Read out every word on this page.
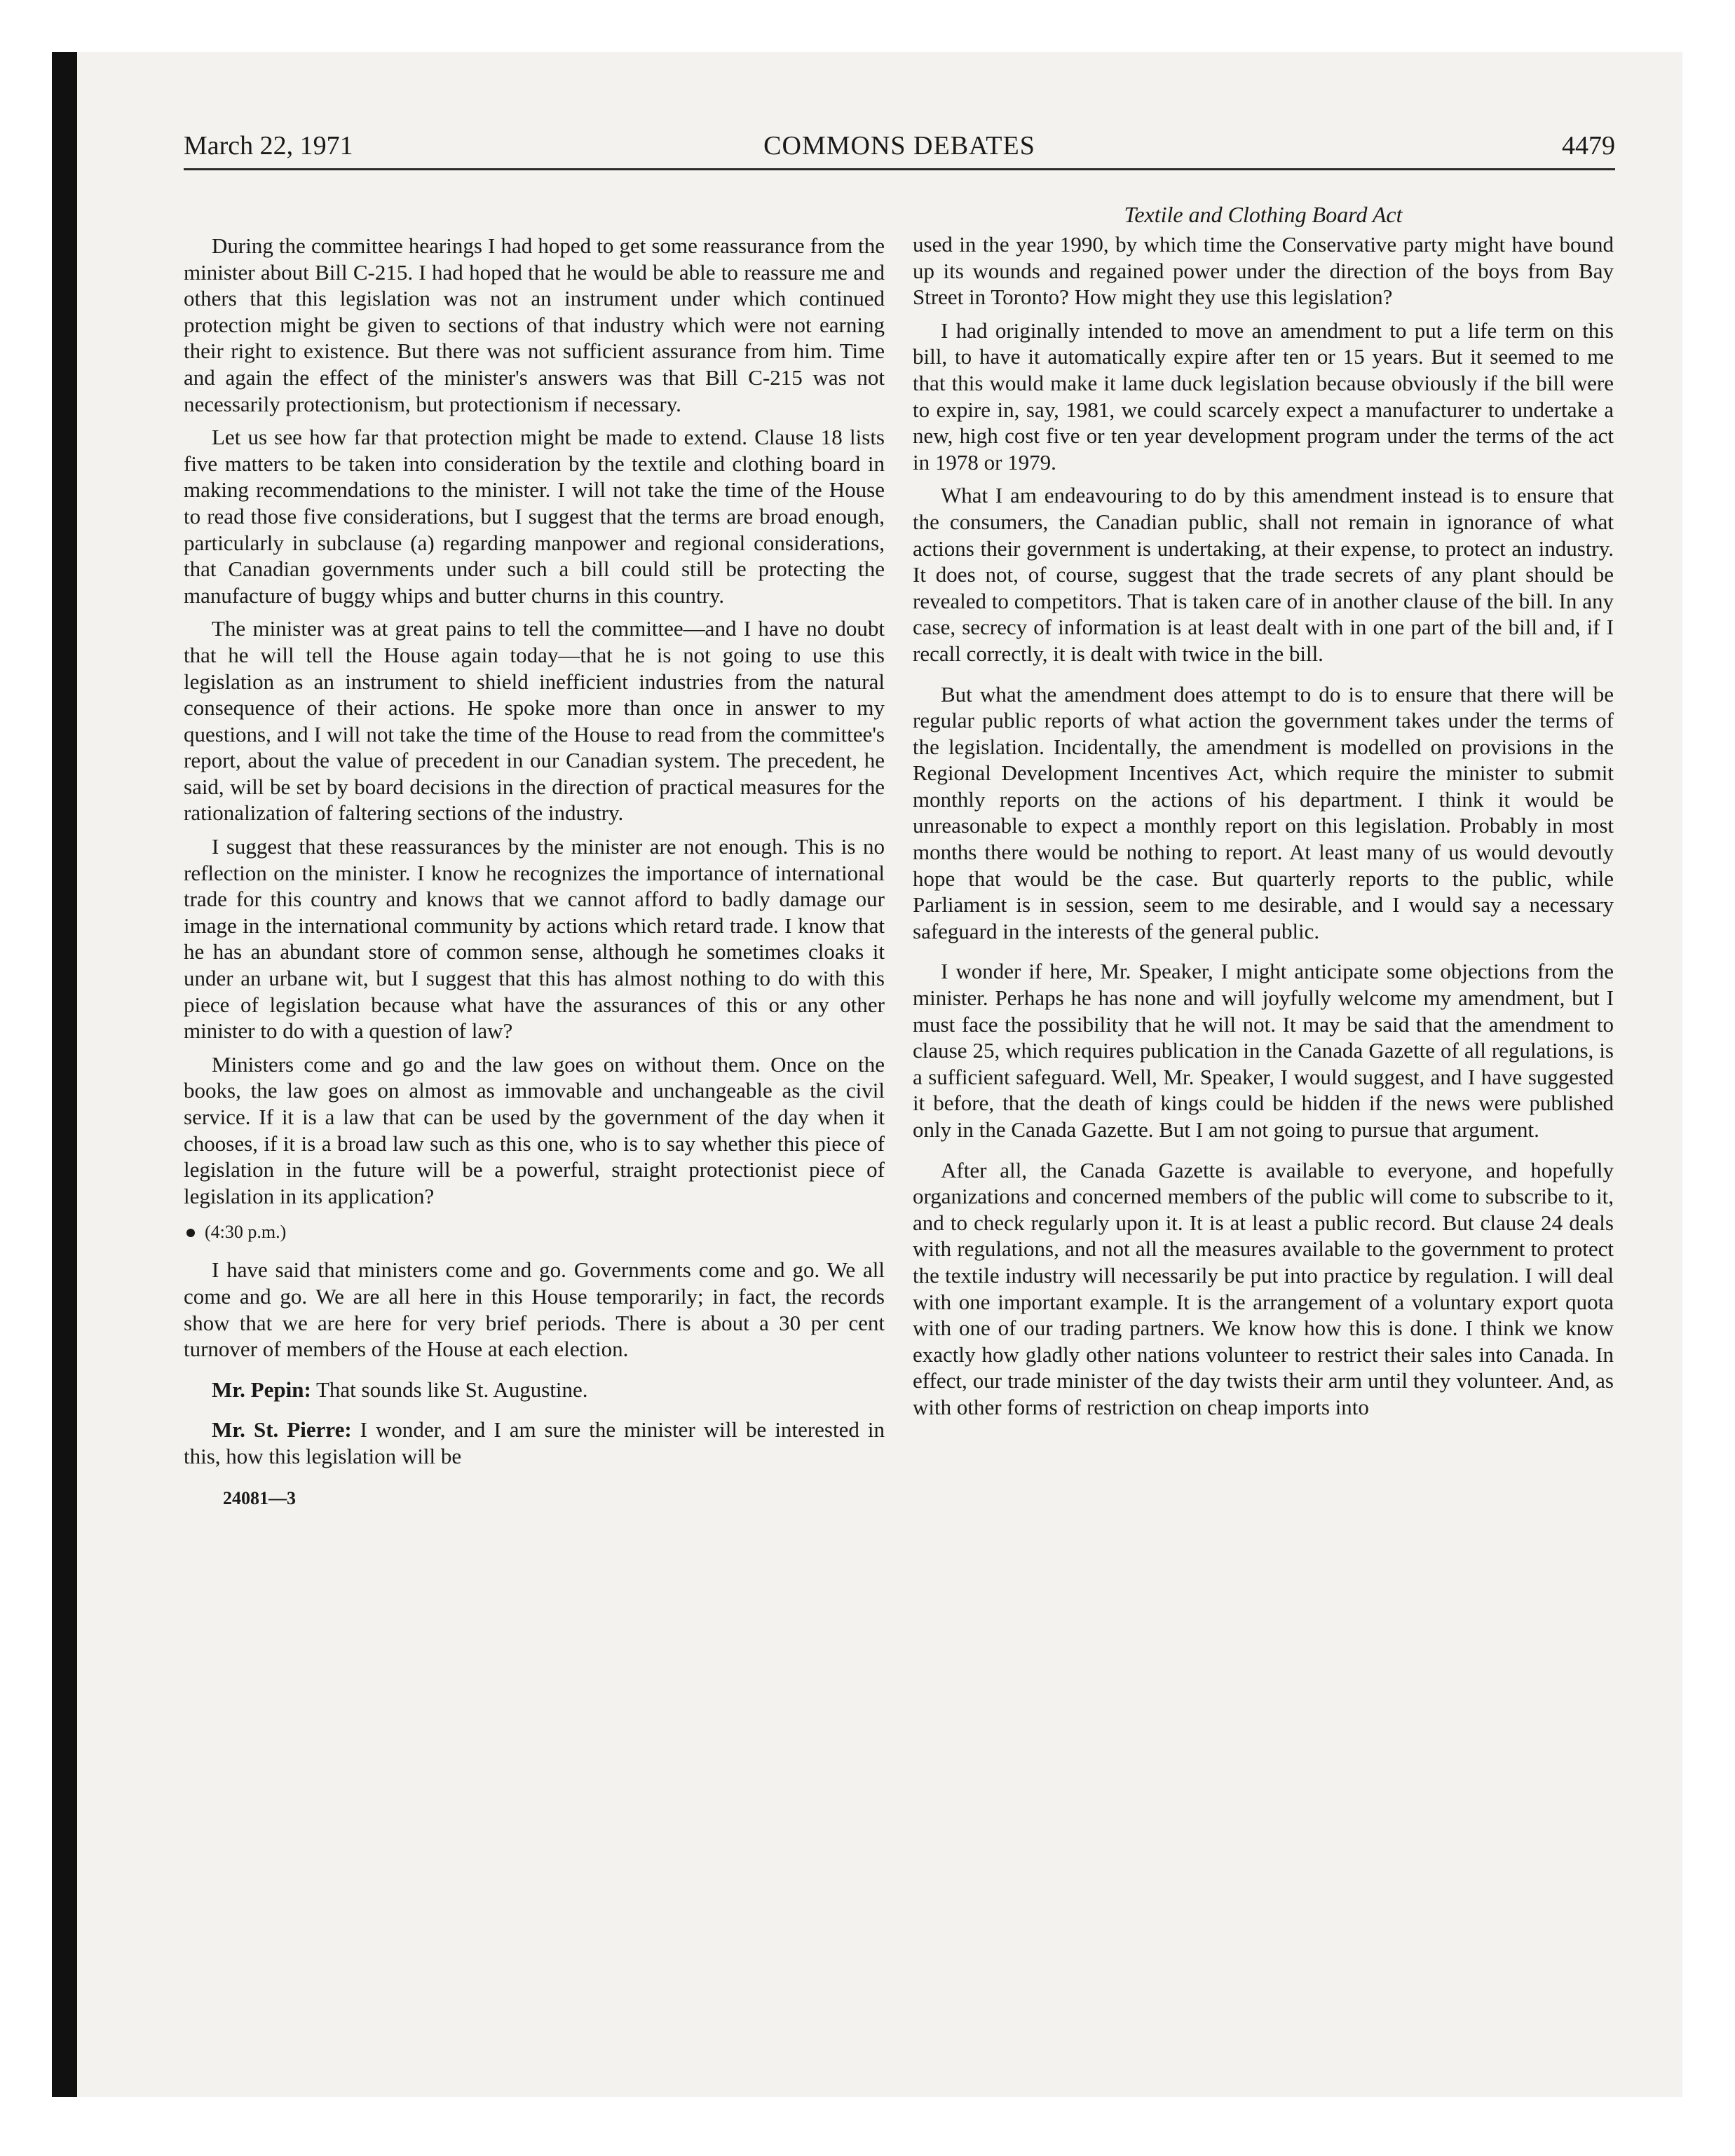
March 22, 1971	COMMONS DEBATES	4479

During the committee hearings I had hoped to get some reassurance from the minister about Bill C-215. I had hoped that he would be able to reassure me and others that this legislation was not an instrument under which continued protection might be given to sections of that industry which were not earning their right to existence. But there was not sufficient assurance from him. Time and again the effect of the minister's answers was that Bill C-215 was not necessarily protectionism, but protectionism if necessary.

Let us see how far that protection might be made to extend. Clause 18 lists five matters to be taken into consideration by the textile and clothing board in making recommendations to the minister. I will not take the time of the House to read those five considerations, but I suggest that the terms are broad enough, particularly in subclause (a) regarding manpower and regional considerations, that Canadian governments under such a bill could still be protecting the manufacture of buggy whips and butter churns in this country.

The minister was at great pains to tell the committee—and I have no doubt that he will tell the House again today—that he is not going to use this legislation as an instrument to shield inefficient industries from the natural consequence of their actions. He spoke more than once in answer to my questions, and I will not take the time of the House to read from the committee's report, about the value of precedent in our Canadian system. The precedent, he said, will be set by board decisions in the direction of practical measures for the rationalization of faltering sections of the industry.

I suggest that these reassurances by the minister are not enough. This is no reflection on the minister. I know he recognizes the importance of international trade for this country and knows that we cannot afford to badly damage our image in the international community by actions which retard trade. I know that he has an abundant store of common sense, although he sometimes cloaks it under an urbane wit, but I suggest that this has almost nothing to do with this piece of legislation because what have the assurances of this or any other minister to do with a question of law?

Ministers come and go and the law goes on without them. Once on the books, the law goes on almost as immovable and unchangeable as the civil service. If it is a law that can be used by the government of the day when it chooses, if it is a broad law such as this one, who is to say whether this piece of legislation in the future will be a powerful, straight protectionist piece of legislation in its application?

(4:30 p.m.)

I have said that ministers come and go. Governments come and go. We all come and go. We are all here in this House temporarily; in fact, the records show that we are here for very brief periods. There is about a 30 per cent turnover of members of the House at each election.

Mr. Pepin: That sounds like St. Augustine.

Mr. St. Pierre: I wonder, and I am sure the minister will be interested in this, how this legislation will be

24081—3
Textile and Clothing Board Act

used in the year 1990, by which time the Conservative party might have bound up its wounds and regained power under the direction of the boys from Bay Street in Toronto? How might they use this legislation?

I had originally intended to move an amendment to put a life term on this bill, to have it automatically expire after ten or 15 years. But it seemed to me that this would make it lame duck legislation because obviously if the bill were to expire in, say, 1981, we could scarcely expect a manufacturer to undertake a new, high cost five or ten year development program under the terms of the act in 1978 or 1979.

What I am endeavouring to do by this amendment instead is to ensure that the consumers, the Canadian public, shall not remain in ignorance of what actions their government is undertaking, at their expense, to protect an industry. It does not, of course, suggest that the trade secrets of any plant should be revealed to competitors. That is taken care of in another clause of the bill. In any case, secrecy of information is at least dealt with in one part of the bill and, if I recall correctly, it is dealt with twice in the bill.

But what the amendment does attempt to do is to ensure that there will be regular public reports of what action the government takes under the terms of the legislation. Incidentally, the amendment is modelled on provisions in the Regional Development Incentives Act, which require the minister to submit monthly reports on the actions of his department. I think it would be unreasonable to expect a monthly report on this legislation. Probably in most months there would be nothing to report. At least many of us would devoutly hope that would be the case. But quarterly reports to the public, while Parliament is in session, seem to me desirable, and I would say a necessary safeguard in the interests of the general public.

I wonder if here, Mr. Speaker, I might anticipate some objections from the minister. Perhaps he has none and will joyfully welcome my amendment, but I must face the possibility that he will not. It may be said that the amendment to clause 25, which requires publication in the Canada Gazette of all regulations, is a sufficient safeguard. Well, Mr. Speaker, I would suggest, and I have suggested it before, that the death of kings could be hidden if the news were published only in the Canada Gazette. But I am not going to pursue that argument.

After all, the Canada Gazette is available to everyone, and hopefully organizations and concerned members of the public will come to subscribe to it, and to check regularly upon it. It is at least a public record. But clause 24 deals with regulations, and not all the measures available to the government to protect the textile industry will necessarily be put into practice by regulation. I will deal with one important example. It is the arrangement of a voluntary export quota with one of our trading partners. We know how this is done. I think we know exactly how gladly other nations volunteer to restrict their sales into Canada. In effect, our trade minister of the day twists their arm until they volunteer. And, as with other forms of restriction on cheap imports into
